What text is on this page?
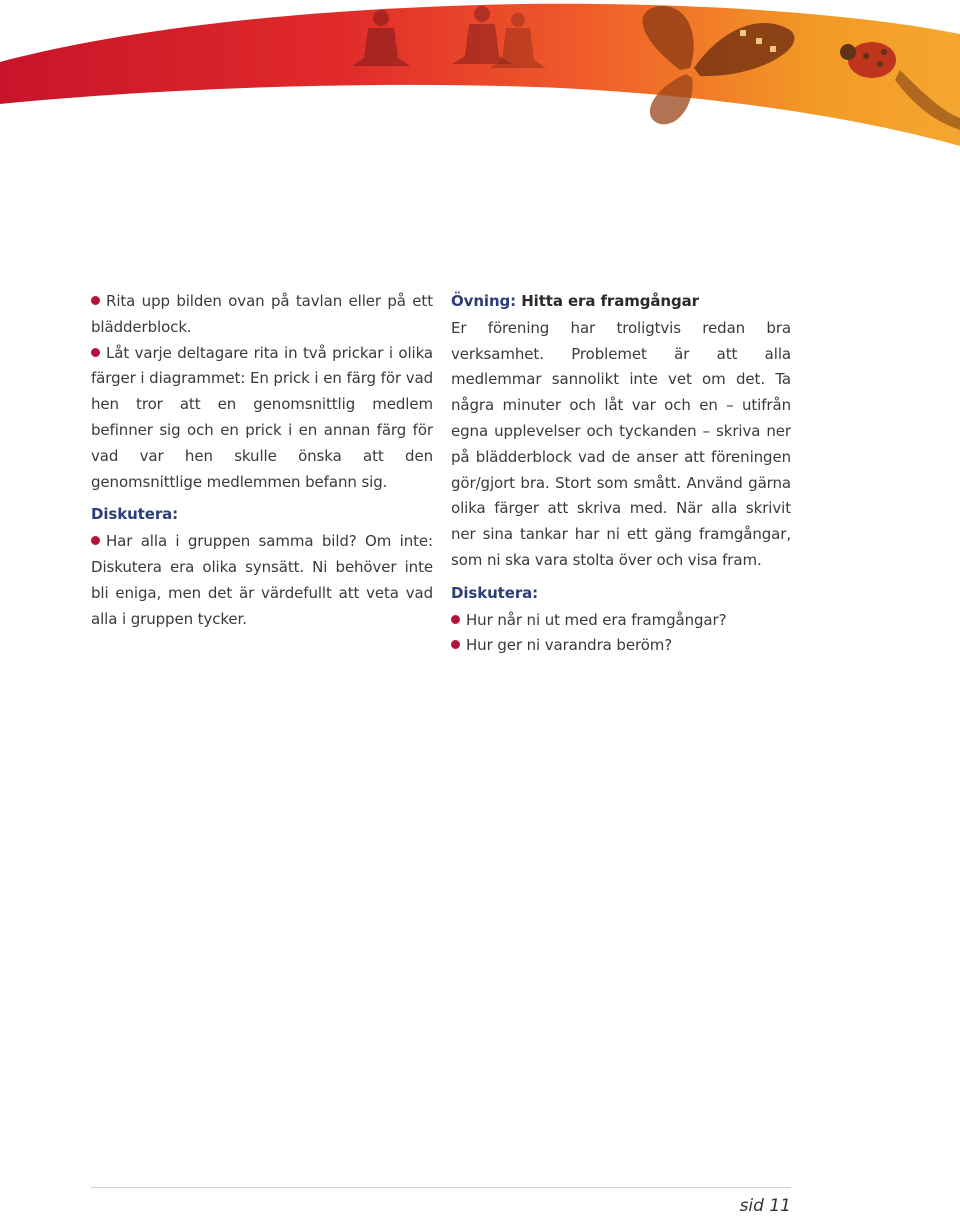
Rita upp bilden ovan på tavlan eller på ett blädderblock.

Låt varje deltagare rita in två prickar i olika färger i diagrammet: En prick i en färg för vad hen tror att en genomsnittlig medlem befinner sig och en prick i en annan färg för vad var hen skulle önska att den genomsnittlige medlemmen befann sig.

Diskutera:

Har alla i gruppen samma bild? Om inte: Diskutera era olika synsätt. Ni behöver inte bli eniga, men det är värdefullt att veta vad alla i gruppen tycker.

Övning: Hitta era framgångar

Er förening har troligtvis redan bra verksamhet. Problemet är att alla medlemmar sannolikt inte vet om det. Ta några minuter och låt var och en – utifrån egna upplevelser och tyckanden – skriva ner på blädderblock vad de anser att föreningen gör/gjort bra. Stort som smått. Använd gärna olika färger att skriva med. När alla skrivit ner sina tankar har ni ett gäng framgångar, som ni ska vara stolta över och visa fram.

Diskutera:

Hur når ni ut med era framgångar?

Hur ger ni varandra beröm?

sid 11
